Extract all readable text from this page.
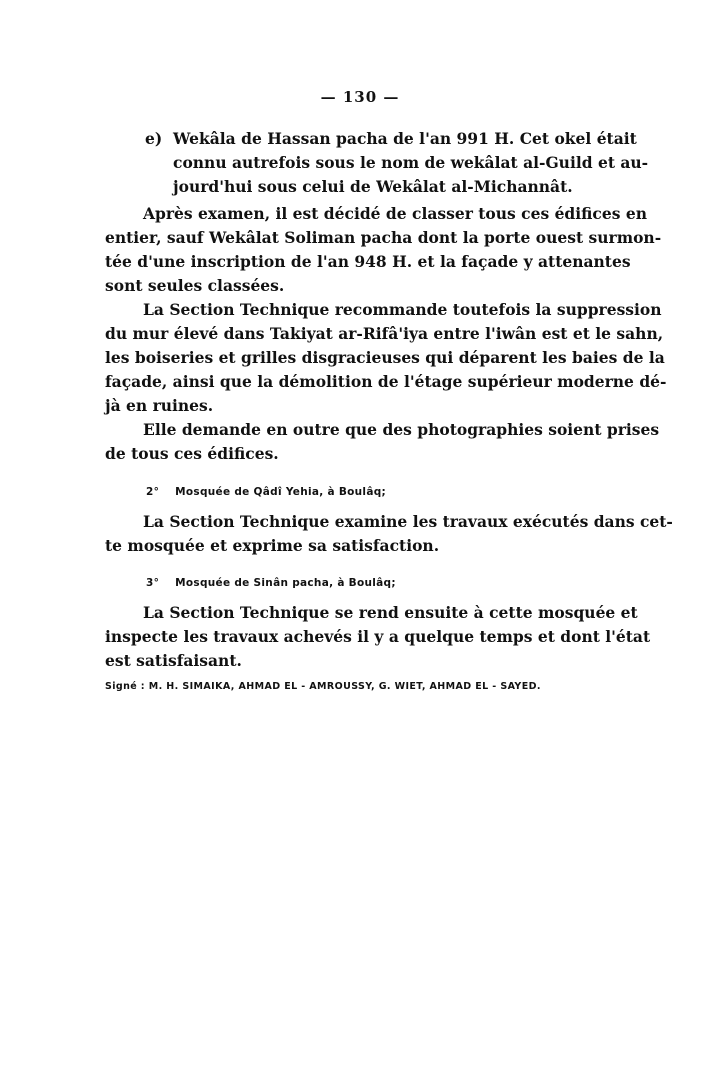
— 130 —
e) Wekâla de Hassan pacha de l'an 991 H. Cet okel était
connu autrefois sous le nom de wekâlat al-Guild et au-
jourd'hui sous celui de Wekâlat al-Michannât.
Après examen, il est décidé de classer tous ces édifices en
entier, sauf Wekâlat Soliman pacha dont la porte ouest surmon-
tée d'une inscription de l'an 948 H. et la façade y attenantes
sont seules classées.
La Section Technique recommande toutefois la suppression
du mur élevé dans Takiyat ar-Rifâ'iya entre l'iwân est et le sahn,
les boiseries et grilles disgracieuses qui déparent les baies de la
façade, ainsi que la démolition de l'étage supérieur moderne dé-
jà en ruines.
Elle demande en outre que des photographies soient prises
de tous ces édifices.
2° Mosquée de Qâdî Yehia, à Boulâq;
La Section Technique examine les travaux exécutés dans cet-
te mosquée et exprime sa satisfaction.
3° Mosquée de Sinân pacha, à Boulâq;
La Section Technique se rend ensuite à cette mosquée et
inspecte les travaux achevés il y a quelque temps et dont l'état
est satisfaisant.
Signé : M. H. SIMAIKA, AHMAD EL - AMROUSSY, G. WIET, AHMAD EL - SAYED.
